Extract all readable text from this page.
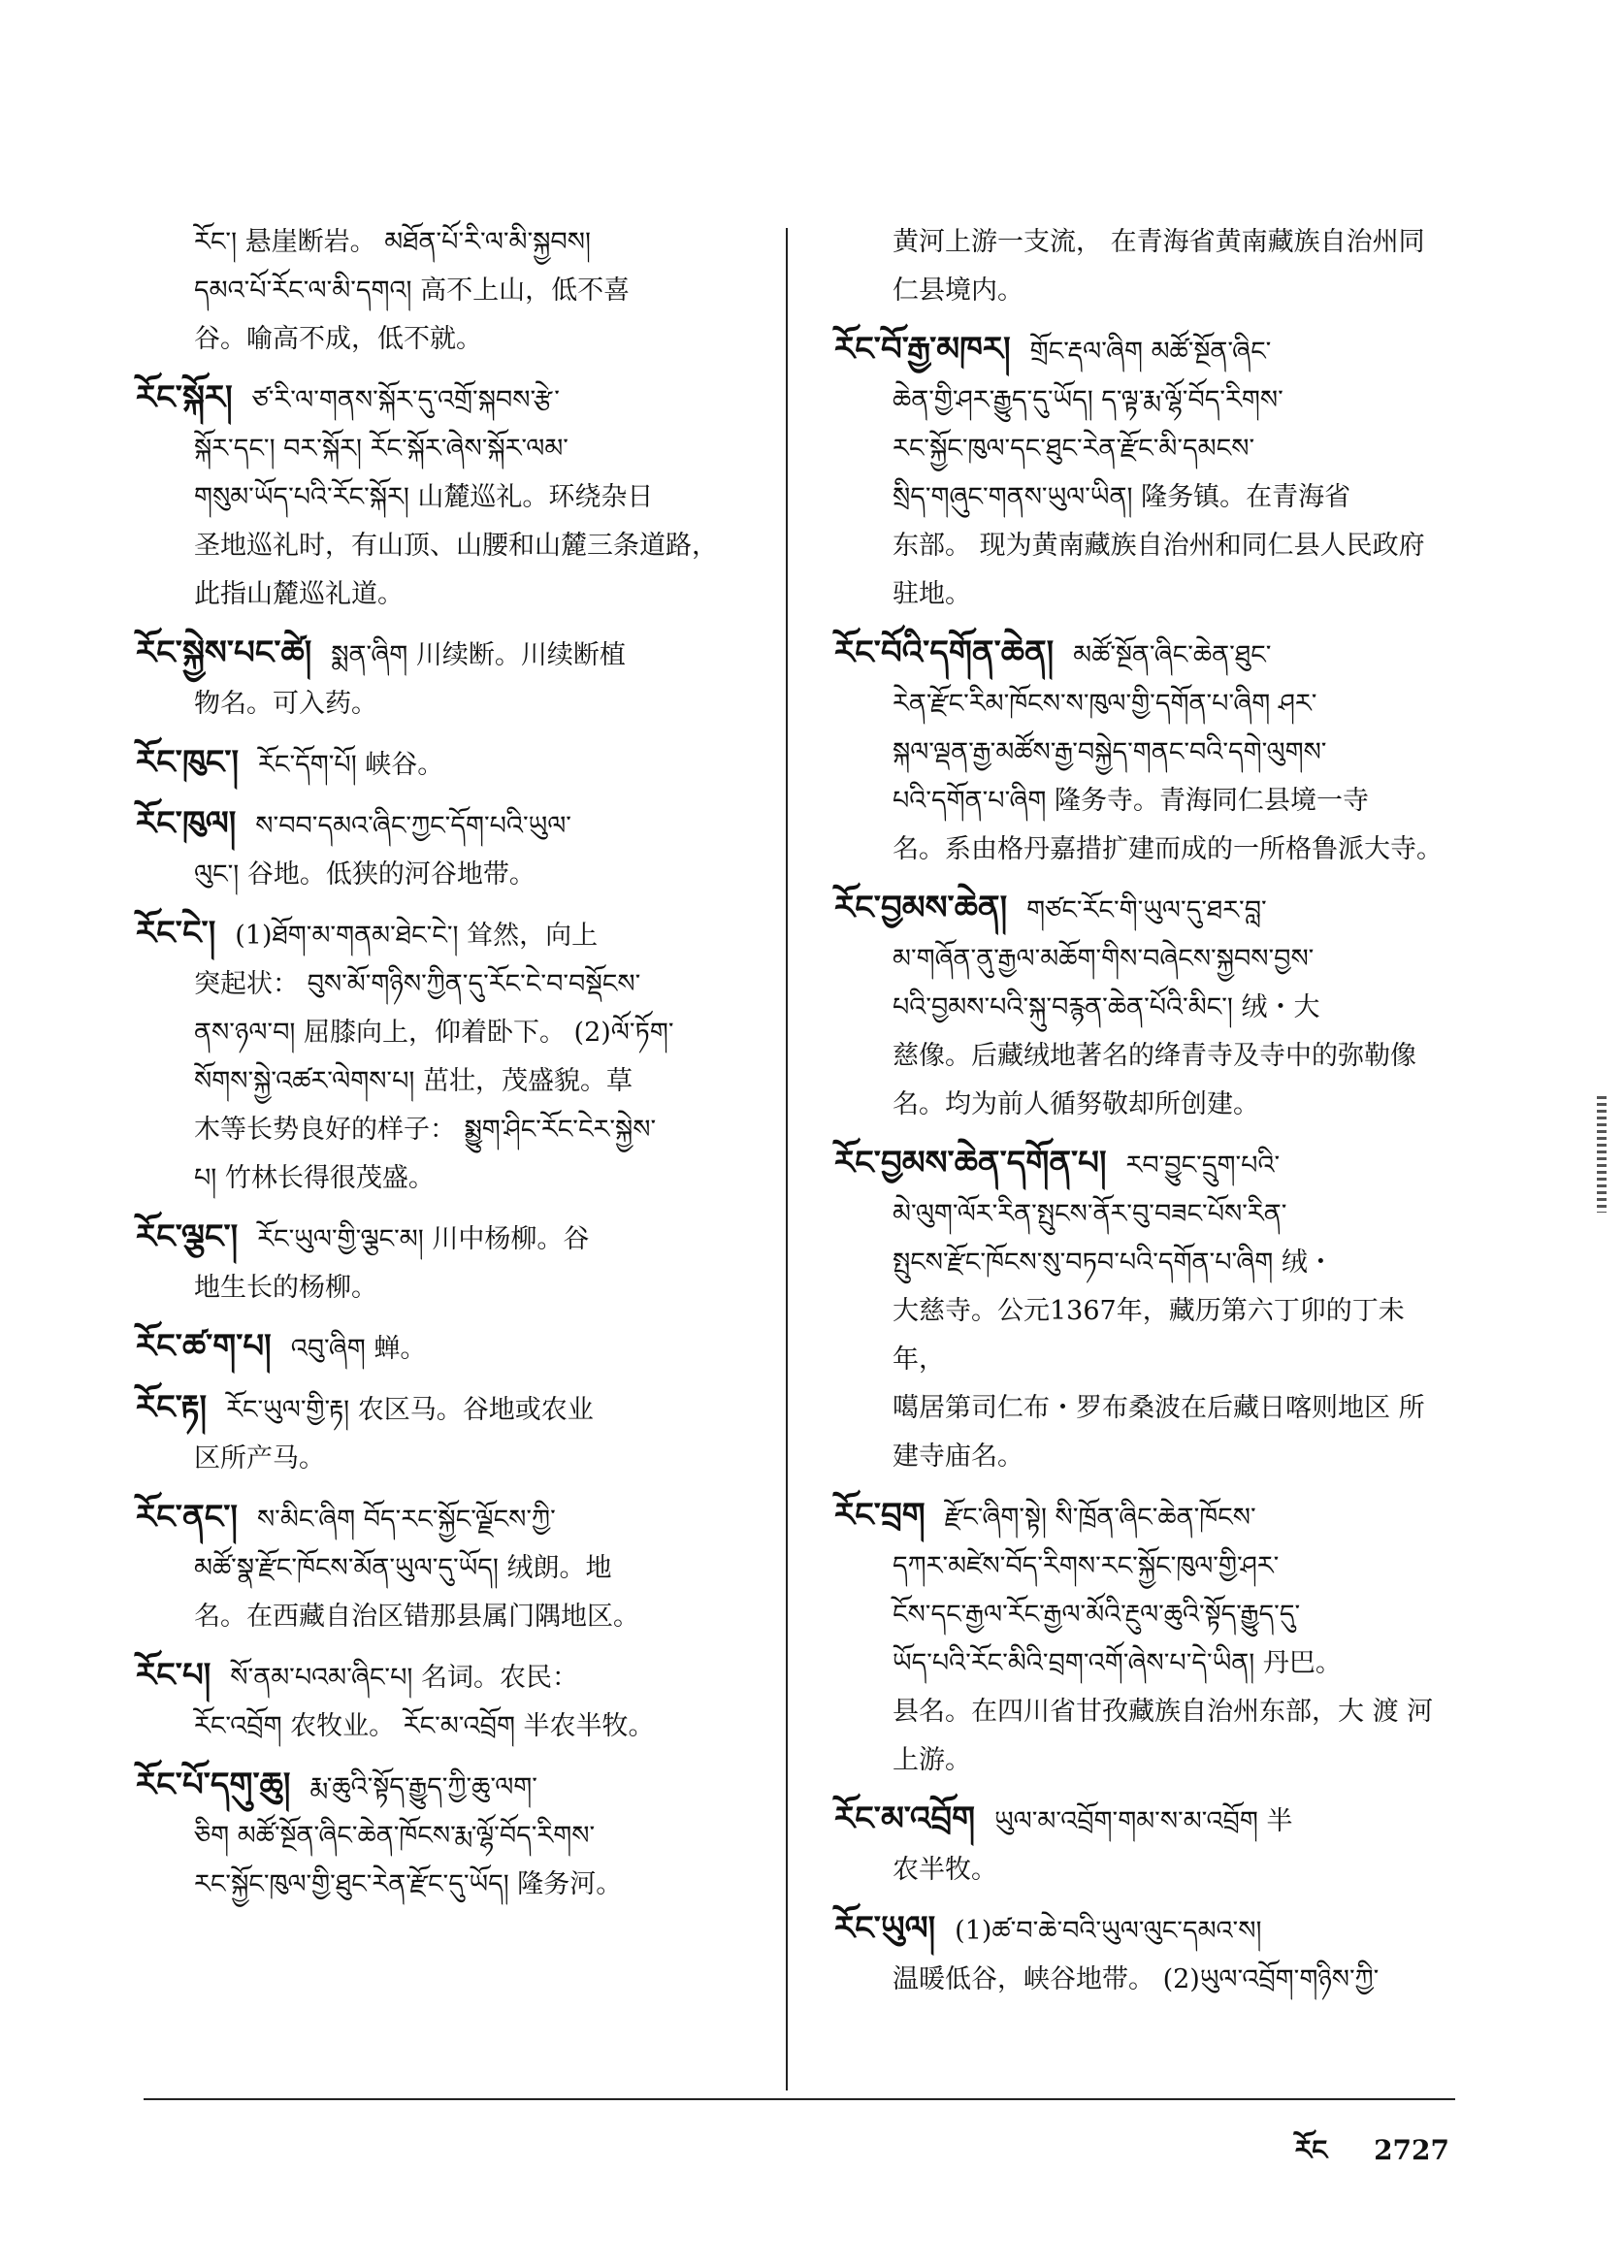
རོང་། 悬崖断岩。 མཐོན་པོ་རི་ལ་མི་སྐྱབས།
དམའ་པོ་རོང་ལ་མི་དགའ། 高不上山，低不喜
谷。喻高不成，低不就。
རོང་སྐོར། ཙ་རི་ལ་གནས་སྐོར་དུ་འགྲོ་སྐབས་རྩེ་
སྐོར་དང་། བར་སྐོར། རོང་སྐོར་ཞེས་སྐོར་ལམ་
གསུམ་ཡོད་པའི་རོང་སྐོར། 山麓巡礼。环绕杂日
圣地巡礼时，有山顶、山腰和山麓三条道路，
此指山麓巡礼道。
རོང་སྐྱེས་པང་ཚེ། སྨན་ཞིག 川续断。川续断植
物名。可入药。
རོང་ཁུང་། རོང་དོག་པོ། 峡谷。
རོང་ཁུལ། ས་བབ་དམའ་ཞིང་ཀྱང་དོག་པའི་ཡུལ་
ལུང་། 谷地。低狭的河谷地带。
རོང་ངེ་། (1)ཐོག་མ་གནམ་ཐེང་ངེ་། 耸然，向上
突起状： བུས་མོ་གཉིས་ཀྱིན་དུ་རོང་ངེ་བ་བསྡོངས་
ནས་ཉལ་བ། 屈膝向上，仰着卧下。 (2)ལོ་ཏོག་
སོགས་སྐྱེ་འཚར་ལེགས་པ། 茁壮，茂盛貌。草
木等长势良好的样子： སྨྱུག་ཤིང་རོང་ངེར་སྐྱེས་
པ། 竹林长得很茂盛。
རོང་ལྕང་། རོང་ཡུལ་གྱི་ལྕང་མ། 川中杨柳。谷
地生长的杨柳。
རོང་ཚ་ག་པ། འབུ་ཞིག 蝉。
རོང་རྟ། རོང་ཡུལ་གྱི་རྟ། 农区马。谷地或农业
区所产马。
རོང་ནང་། ས་མིང་ཞིག བོད་རང་སྐྱོང་ལྗོངས་ཀྱི་
མཚོ་སྣ་རྫོང་ཁོངས་མོན་ཡུལ་དུ་ཡོད། 绒朗。地
名。在西藏自治区错那县属门隅地区。
རོང་པ། སོ་ནམ་པའམ་ཞིང་པ། 名词。农民：
རོང་འབྲོག 农牧业。 རོང་མ་འབྲོག 半农半牧。
རོང་པོ་དགུ་ཆུ། རྨ་ཆུའི་སྟོད་རྒྱུད་ཀྱི་ཆུ་ལག་
ཅིག མཚོ་སྔོན་ཞིང་ཆེན་ཁོངས་རྨ་ལྷོ་བོད་རིགས་
རང་སྐྱོང་ཁུལ་གྱི་ཐུང་རེན་རྫོང་དུ་ཡོད། 隆务河。
黄河上游一支流， 在青海省黄南藏族自治州同
仁县境内。
རོང་བོ་རྒྱ་མཁར། གྲོང་རྡལ་ཞིག མཚོ་སྔོན་ཞིང་
ཆེན་གྱི་ཤར་རྒྱུད་དུ་ཡོད། ད་ལྟ་རྨ་ལྷོ་བོད་རིགས་
རང་སྐྱོང་ཁུལ་དང་ཐུང་རེན་རྫོང་མི་དམངས་
སྲིད་གཞུང་གནས་ཡུལ་ཡིན། 隆务镇。在青海省
东部。 现为黄南藏族自治州和同仁县人民政府
驻地。
རོང་བོའི་དགོན་ཆེན། མཚོ་སྔོན་ཞིང་ཆེན་ཐུང་
རེན་རྫོང་རིམ་ཁོངས་ས་ཁུལ་གྱི་དགོན་པ་ཞིག ཤར་
སྐལ་ལྡན་རྒྱ་མཚོས་རྒྱ་བསྐྱེད་གནང་བའི་དགེ་ལུགས་
པའི་དགོན་པ་ཞིག 隆务寺。青海同仁县境一寺
名。系由格丹嘉措扩建而成的一所格鲁派大寺。
རོང་བྱམས་ཆེན། གཙང་རོང་གི་ཡུལ་དུ་ཐར་བླ་
མ་གཞོན་ནུ་རྒྱལ་མཆོག་གིས་བཞེངས་སྐྱབས་བྱས་
པའི་བྱམས་པའི་སྐུ་བརྙན་ཆེན་པོའི་མིང་། 绒・大
慈像。后藏绒地著名的绛青寺及寺中的弥勒像
名。均为前人循努敬却所创建。
རོང་བྱམས་ཆེན་དགོན་པ། རབ་བྱུང་དྲུག་པའི་
མེ་ལུག་ལོར་རིན་སྤུངས་ནོར་བུ་བཟང་པོས་རིན་
སྤུངས་རྫོང་ཁོངས་སུ་བཏབ་པའི་དགོན་པ་ཞིག 绒・
大慈寺。公元1367年，藏历第六丁卯的丁未年，
噶居第司仁布・罗布桑波在后藏日喀则地区 所
建寺庙名。
རོང་བྲག རྫོང་ཞིག་སྟེ། སི་ཁྲོན་ཞིང་ཆེན་ཁོངས་
དཀར་མཛེས་བོད་རིགས་རང་སྐྱོང་ཁུལ་གྱི་ཤར་
ངོས་དང་རྒྱལ་རོང་རྒྱལ་མོའི་རྔུལ་ཆུའི་སྟོད་རྒྱུད་དུ་
ཡོད་པའི་རོང་མིའི་བྲག་འགོ་ཞེས་པ་དེ་ཡིན། 丹巴。
县名。在四川省甘孜藏族自治州东部，大 渡 河
上游。
རོང་མ་འབྲོག ཡུལ་མ་འབྲོག་གམ་ས་མ་འབྲོག 半
农半牧。
རོང་ཡུལ། (1)ཚ་བ་ཆེ་བའི་ཡུལ་ལུང་དམའ་ས།
温暖低谷，峡谷地带。 (2)ཡུལ་འབྲོག་གཉིས་ཀྱི་
རོང 2727
